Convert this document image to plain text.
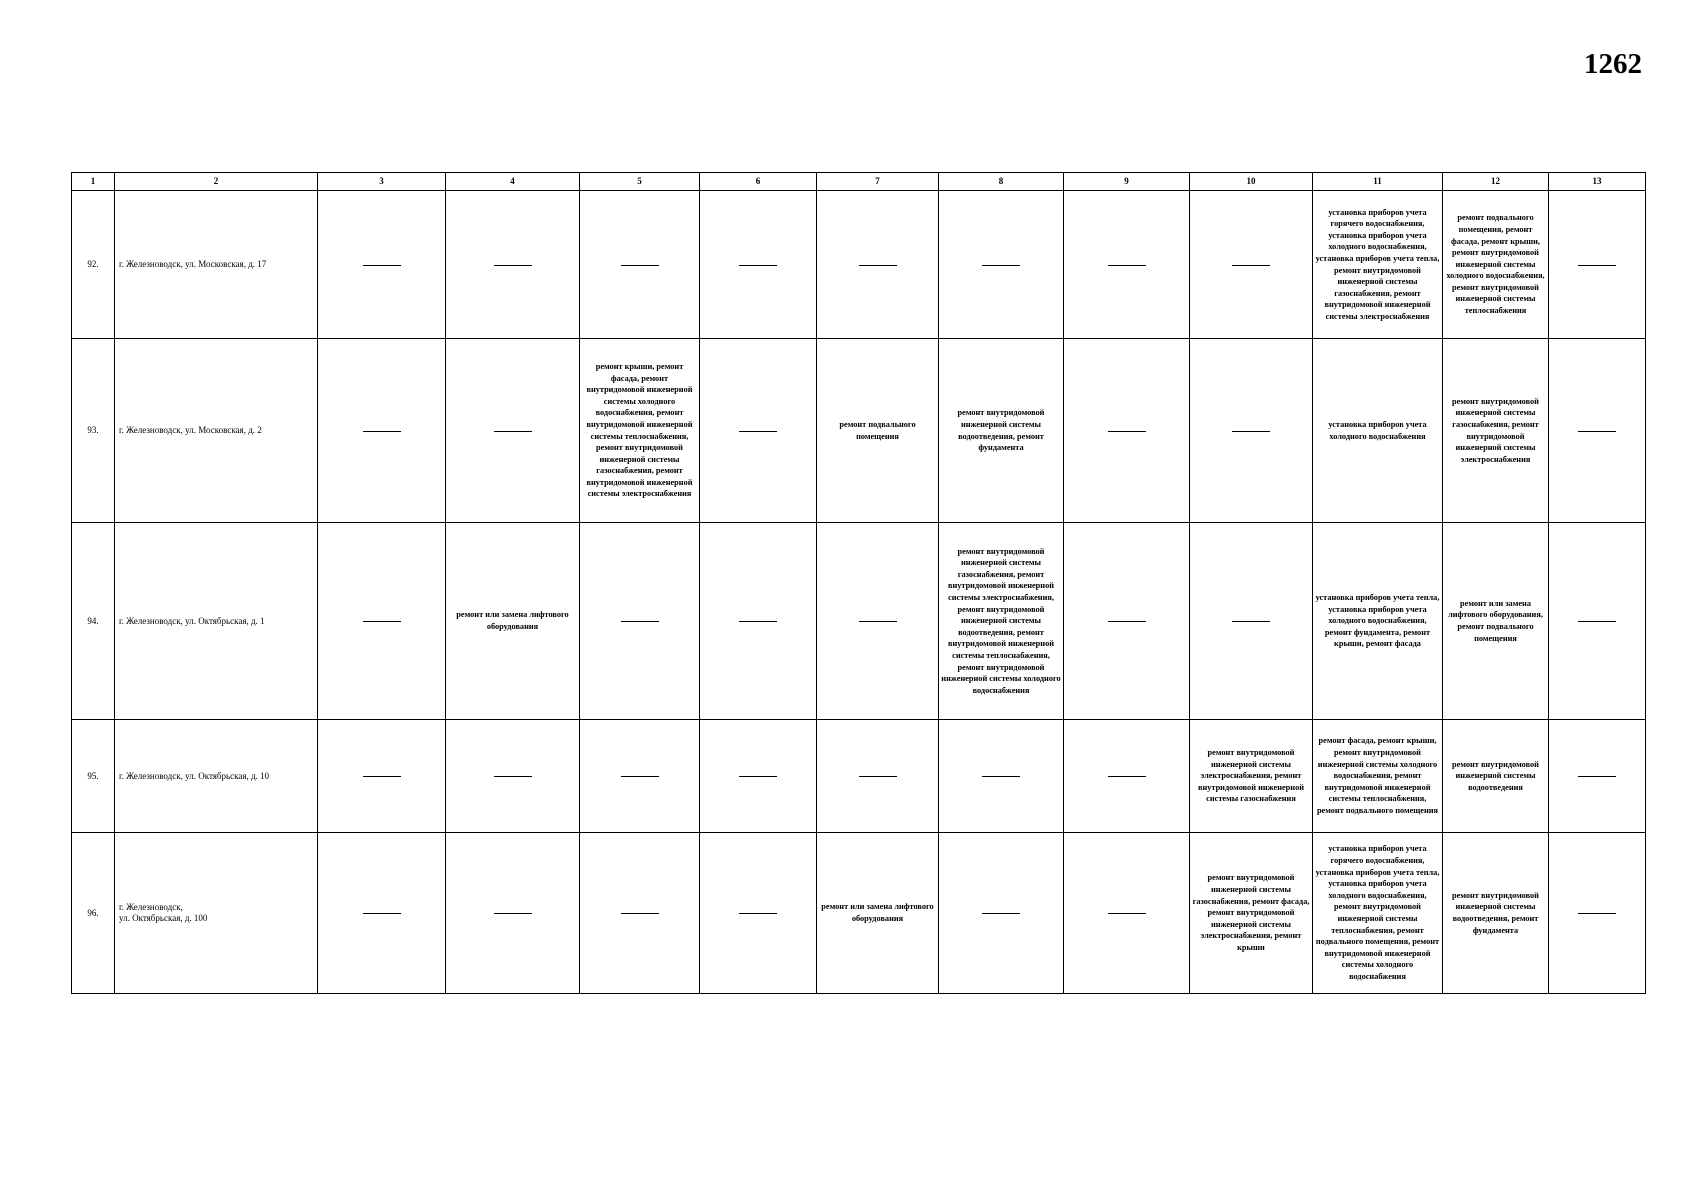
1262
1	2	3	4	5	6	7	8	9	10	11	12	13
92.	г. Железноводск, ул. Московская, д. 17									установка приборов учета горячего водоснабжения, установка приборов учета холодного водоснабжения, установка приборов учета тепла, ремонт внутридомовой инженерной системы газоснабжения, ремонт внутридомовой инженерной системы электроснабжения	ремонт подвального помещения, ремонт фасада, ремонт крыши, ремонт внутридомовой инженерной системы холодного водоснабжения, ремонт внутридомовой инженерной системы теплоснабжения	
93.	г. Железноводск, ул. Московская, д. 2			ремонт крыши, ремонт фасада, ремонт внутридомовой инженерной системы холодного водоснабжения, ремонт внутридомовой инженерной системы теплоснабжения, ремонт внутридомовой инженерной системы газоснабжения, ремонт внутридомовой инженерной системы электроснабжения		ремонт подвального помещения	ремонт внутридомовой инженерной системы водоотведения, ремонт фундамента			установка приборов учета холодного водоснабжения	ремонт внутридомовой инженерной системы газоснабжения, ремонт внутридомовой инженерной системы электроснабжения	
94.	г. Железноводск, ул. Октябрьская, д. 1		ремонт или замена лифтового оборудования				ремонт внутридомовой инженерной системы газоснабжения, ремонт внутридомовой инженерной системы электроснабжения, ремонт внутридомовой инженерной системы водоотведения, ремонт внутридомовой инженерной системы теплоснабжения, ремонт внутридомовой инженерной системы холодного водоснабжения			установка приборов учета тепла, установка приборов учета холодного водоснабжения, ремонт фундамента, ремонт крыши, ремонт фасада	ремонт или замена лифтового оборудования, ремонт подвального помещения	
95.	г. Железноводск, ул. Октябрьская, д. 10								ремонт внутридомовой инженерной системы электроснабжения, ремонт внутридомовой инженерной системы газоснабжения	ремонт фасада, ремонт крыши, ремонт внутридомовой инженерной системы холодного водоснабжения, ремонт внутридомовой инженерной системы теплоснабжения, ремонт подвального помещения	ремонт внутридомовой инженерной системы водоотведения	
96.	г. Железноводск,
ул. Октябрьская, д. 100					ремонт или замена лифтового оборудования			ремонт внутридомовой инженерной системы газоснабжения, ремонт фасада, ремонт внутридомовой инженерной системы электроснабжения, ремонт крыши	установка приборов учета горячего водоснабжения, установка приборов учета тепла, установка приборов учета холодного водоснабжения, ремонт внутридомовой инженерной системы теплоснабжения, ремонт подвального помещения, ремонт внутридомовой инженерной системы холодного водоснабжения	ремонт внутридомовой инженерной системы водоотведения, ремонт фундамента	
